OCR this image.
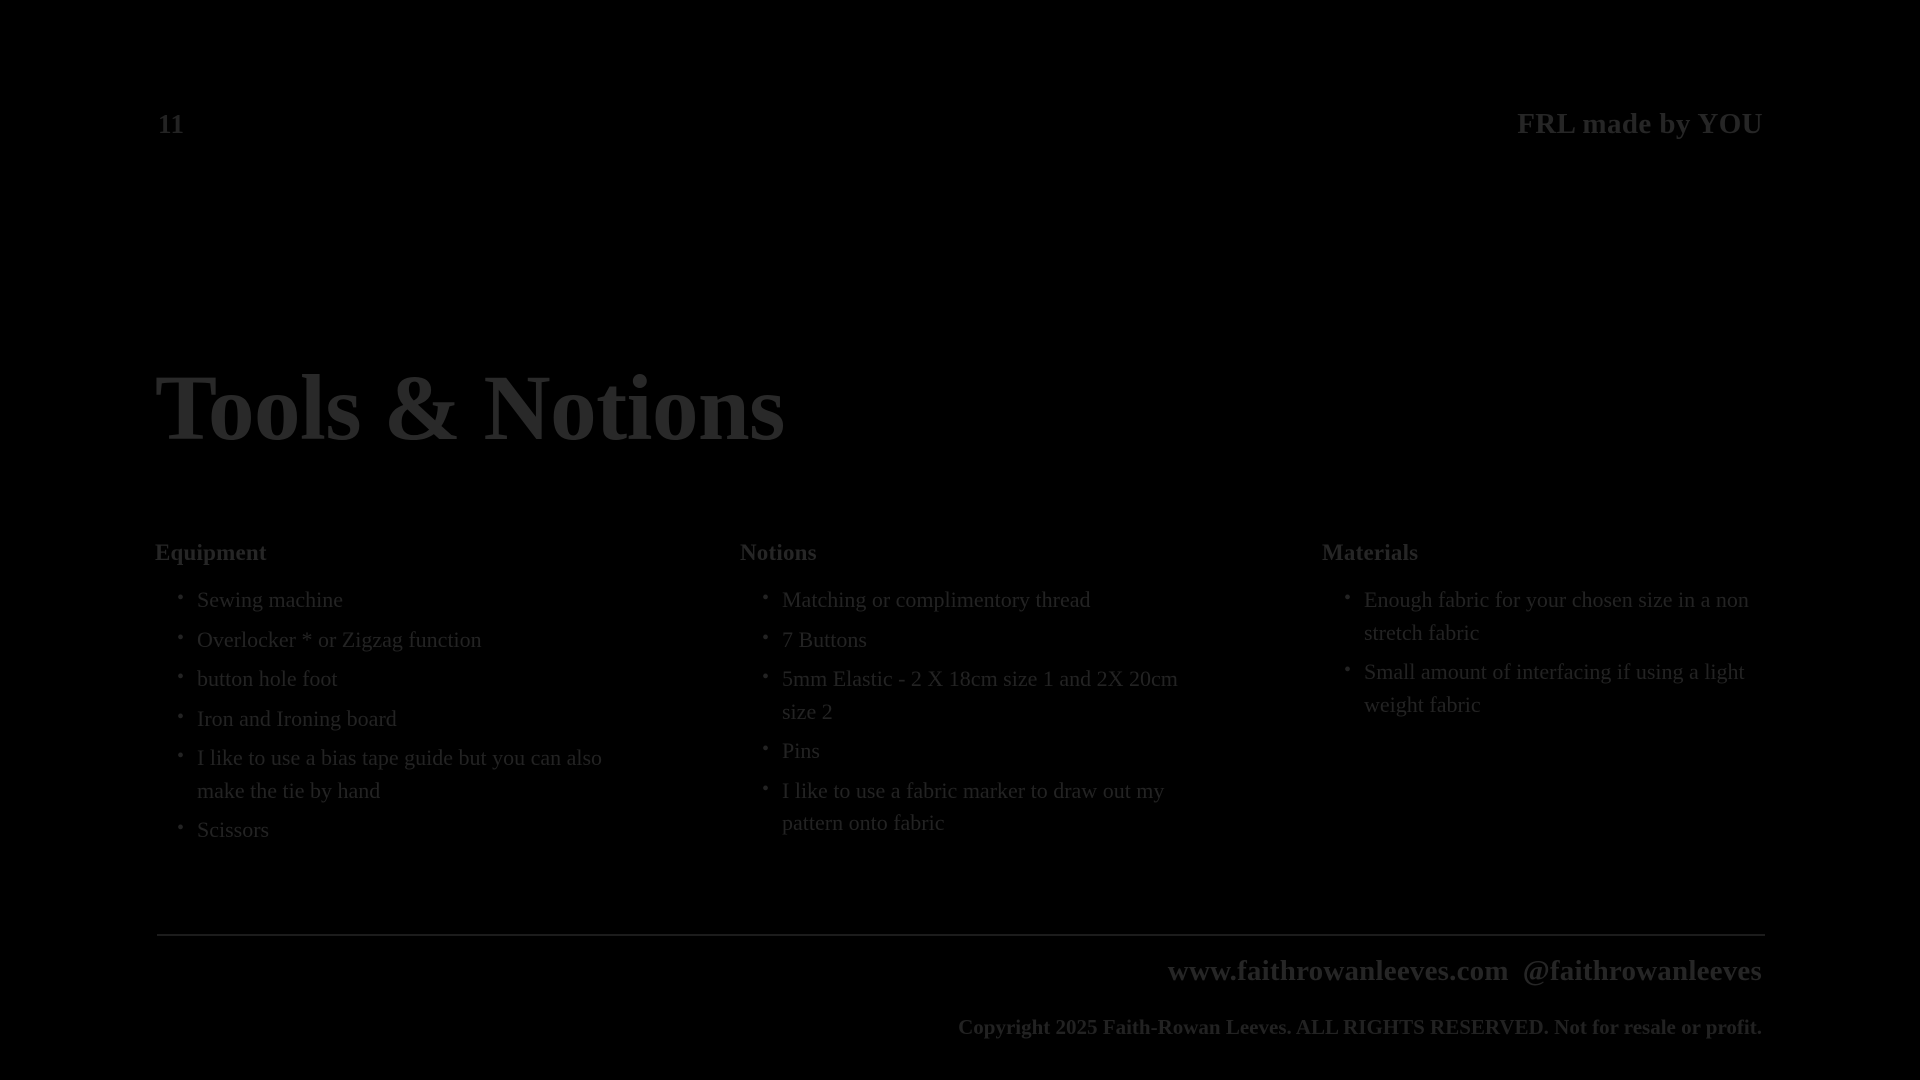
11	FRL made by YOU
Tools & Notions
Equipment
• Sewing machine
• Overlocker * or Zigzag function
• button hole foot
• Iron and Ironing board
• I like to use a bias tape guide but you can also make the tie by hand
• Scissors
Notions
• Matching or complimentory thread
• 7 Buttons
• 5mm Elastic - 2 X 18cm size 1 and 2X 20cm size 2
• Pins
• I like to use a fabric marker to draw out my pattern onto fabric
Materials
• Enough fabric for your chosen size in a non stretch fabric
• Small amount of interfacing if using a light weight fabric
www.faithrowanleeves.com @faithrowanleeves
Copyright 2025 Faith-Rowan Leeves. ALL RIGHTS RESERVED. Not for resale or profit.
